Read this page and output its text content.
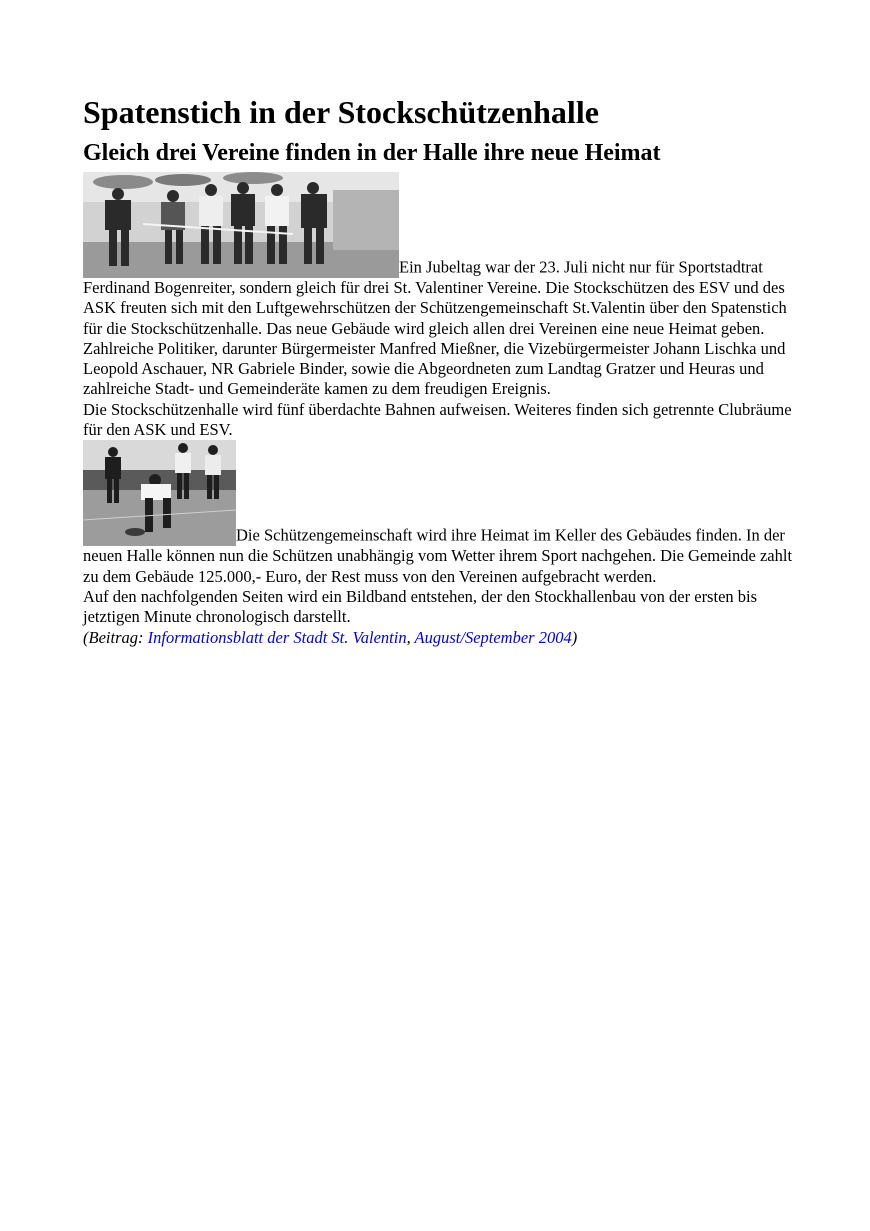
Spatenstich in der Stockschützenhalle
Gleich drei Vereine finden in der Halle ihre neue Heimat

Ein Jubeltag war der 23. Juli nicht nur für Sportstadtrat Ferdinand Bogenreiter, sondern gleich für drei St. Valentiner Vereine. Die Stockschützen des ESV und des ASK freuten sich mit den Luftgewehrschützen der Schützengemeinschaft St.Valentin über den Spatenstich für die Stockschützenhalle. Das neue Gebäude wird gleich allen drei Vereinen eine neue Heimat geben.

Zahlreiche Politiker, darunter Bürgermeister Manfred Mießner, die Vizebürgermeister Johann Lischka und Leopold Aschauer, NR Gabriele Binder, sowie die Abgeordneten zum Landtag Gratzer und Heuras und zahlreiche Stadt- und Gemeinderäte kamen zu dem freudigen Ereignis.

Die Stockschützenhalle wird fünf überdachte Bahnen aufweisen. Weiteres finden sich getrennte Clubräume für den ASK und ESV.

Die Schützengemeinschaft wird ihre Heimat im Keller des Gebäudes finden. In der neuen Halle können nun die Schützen unabhängig vom Wetter ihrem Sport nachgehen. Die Gemeinde zahlt zu dem Gebäude 125.000,- Euro, der Rest muss von den Vereinen aufgebracht werden.

Auf den nachfolgenden Seiten wird ein Bildband entstehen, der den Stockhallenbau von der ersten bis jetztigen Minute chronologisch darstellt.

(Beitrag: Informationsblatt der Stadt St. Valentin, August/September 2004)
